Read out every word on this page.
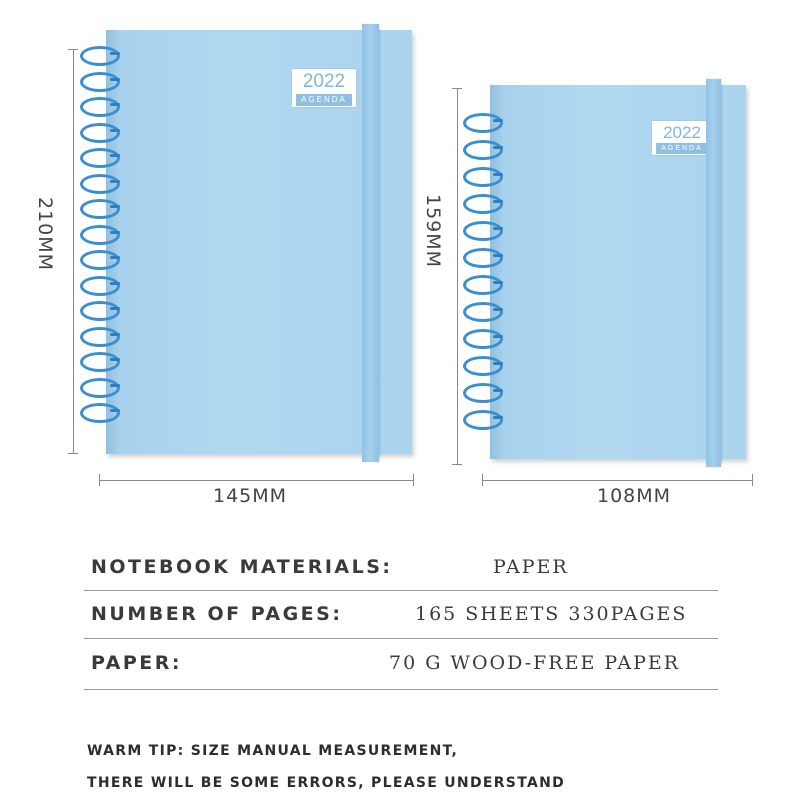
210MM
2022
AGENDA
145MM
159MM
2022
AGENDA
108MM
NOTEBOOK MATERIALS:	PAPER
NUMBER OF PAGES:	165 SHEETS 330PAGES
PAPER:	70 G WOOD-FREE PAPER
WARM TIP: SIZE MANUAL MEASUREMENT,
THERE WILL BE SOME ERRORS, PLEASE UNDERSTAND
